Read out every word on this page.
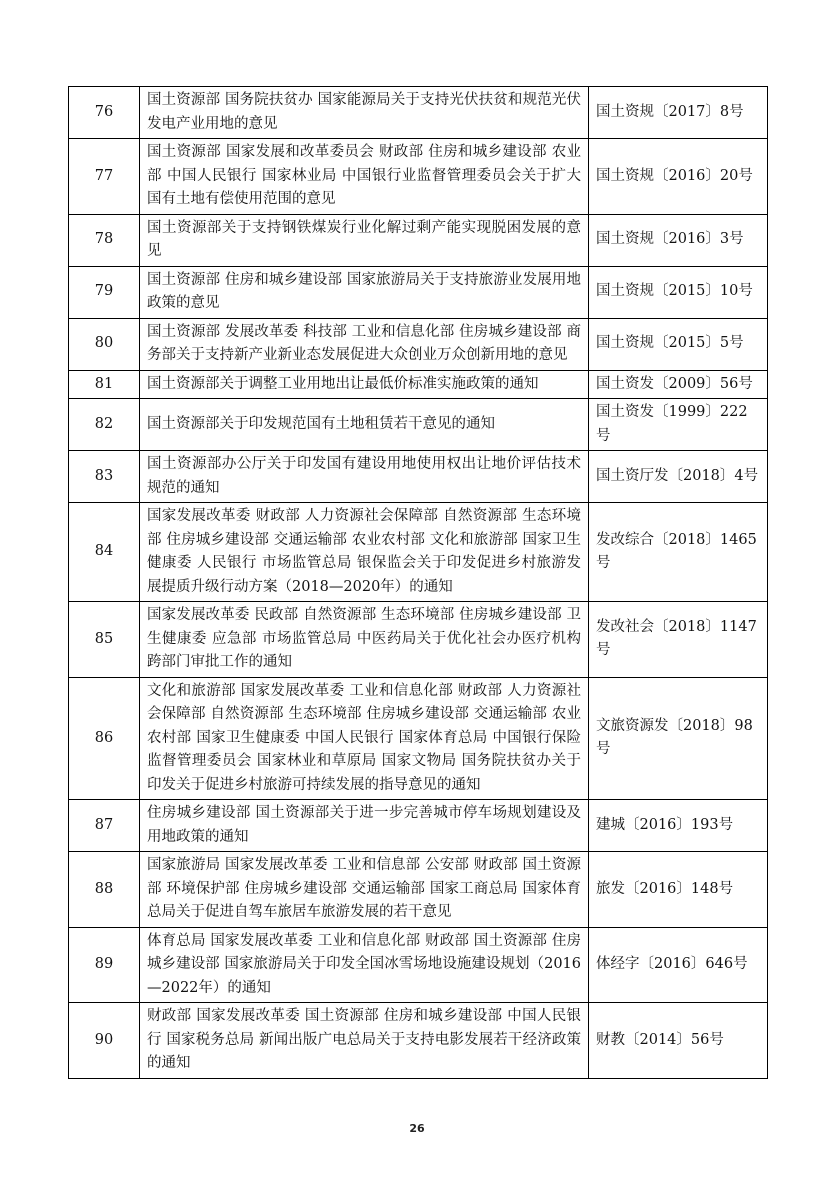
76	国土资源部 国务院扶贫办 国家能源局关于支持光伏扶贫和规范光伏发电产业用地的意见	国土资规〔2017〕8号
77	国土资源部 国家发展和改革委员会 财政部 住房和城乡建设部 农业部 中国人民银行 国家林业局 中国银行业监督管理委员会关于扩大国有土地有偿使用范围的意见	国土资规〔2016〕20号
78	国土资源部关于支持钢铁煤炭行业化解过剩产能实现脱困发展的意见	国土资规〔2016〕3号
79	国土资源部 住房和城乡建设部 国家旅游局关于支持旅游业发展用地政策的意见	国土资规〔2015〕10号
80	国土资源部 发展改革委 科技部 工业和信息化部 住房城乡建设部 商务部关于支持新产业新业态发展促进大众创业万众创新用地的意见	国土资规〔2015〕5号
81	国土资源部关于调整工业用地出让最低价标准实施政策的通知	国土资发〔2009〕56号
82	国土资源部关于印发规范国有土地租赁若干意见的通知	国土资发〔1999〕222号
83	国土资源部办公厅关于印发国有建设用地使用权出让地价评估技术规范的通知	国土资厅发〔2018〕4号
84	国家发展改革委 财政部 人力资源社会保障部 自然资源部 生态环境部 住房城乡建设部 交通运输部 农业农村部 文化和旅游部 国家卫生健康委 人民银行 市场监管总局 银保监会关于印发促进乡村旅游发展提质升级行动方案（2018—2020年）的通知	发改综合〔2018〕1465号
85	国家发展改革委 民政部 自然资源部 生态环境部 住房城乡建设部 卫生健康委 应急部 市场监管总局 中医药局关于优化社会办医疗机构跨部门审批工作的通知	发改社会〔2018〕1147号
86	文化和旅游部 国家发展改革委 工业和信息化部 财政部 人力资源社会保障部 自然资源部 生态环境部 住房城乡建设部 交通运输部 农业农村部 国家卫生健康委 中国人民银行 国家体育总局 中国银行保险监督管理委员会 国家林业和草原局 国家文物局 国务院扶贫办关于印发关于促进乡村旅游可持续发展的指导意见的通知	文旅资源发〔2018〕98号
87	住房城乡建设部 国土资源部关于进一步完善城市停车场规划建设及用地政策的通知	建城〔2016〕193号
88	国家旅游局 国家发展改革委 工业和信息部 公安部 财政部 国土资源部 环境保护部 住房城乡建设部 交通运输部 国家工商总局 国家体育总局关于促进自驾车旅居车旅游发展的若干意见	旅发〔2016〕148号
89	体育总局 国家发展改革委 工业和信息化部 财政部 国土资源部 住房城乡建设部 国家旅游局关于印发全国冰雪场地设施建设规划（2016—2022年）的通知	体经字〔2016〕646号
90	财政部 国家发展改革委 国土资源部 住房和城乡建设部 中国人民银行 国家税务总局 新闻出版广电总局关于支持电影发展若干经济政策的通知	财教〔2014〕56号
26
